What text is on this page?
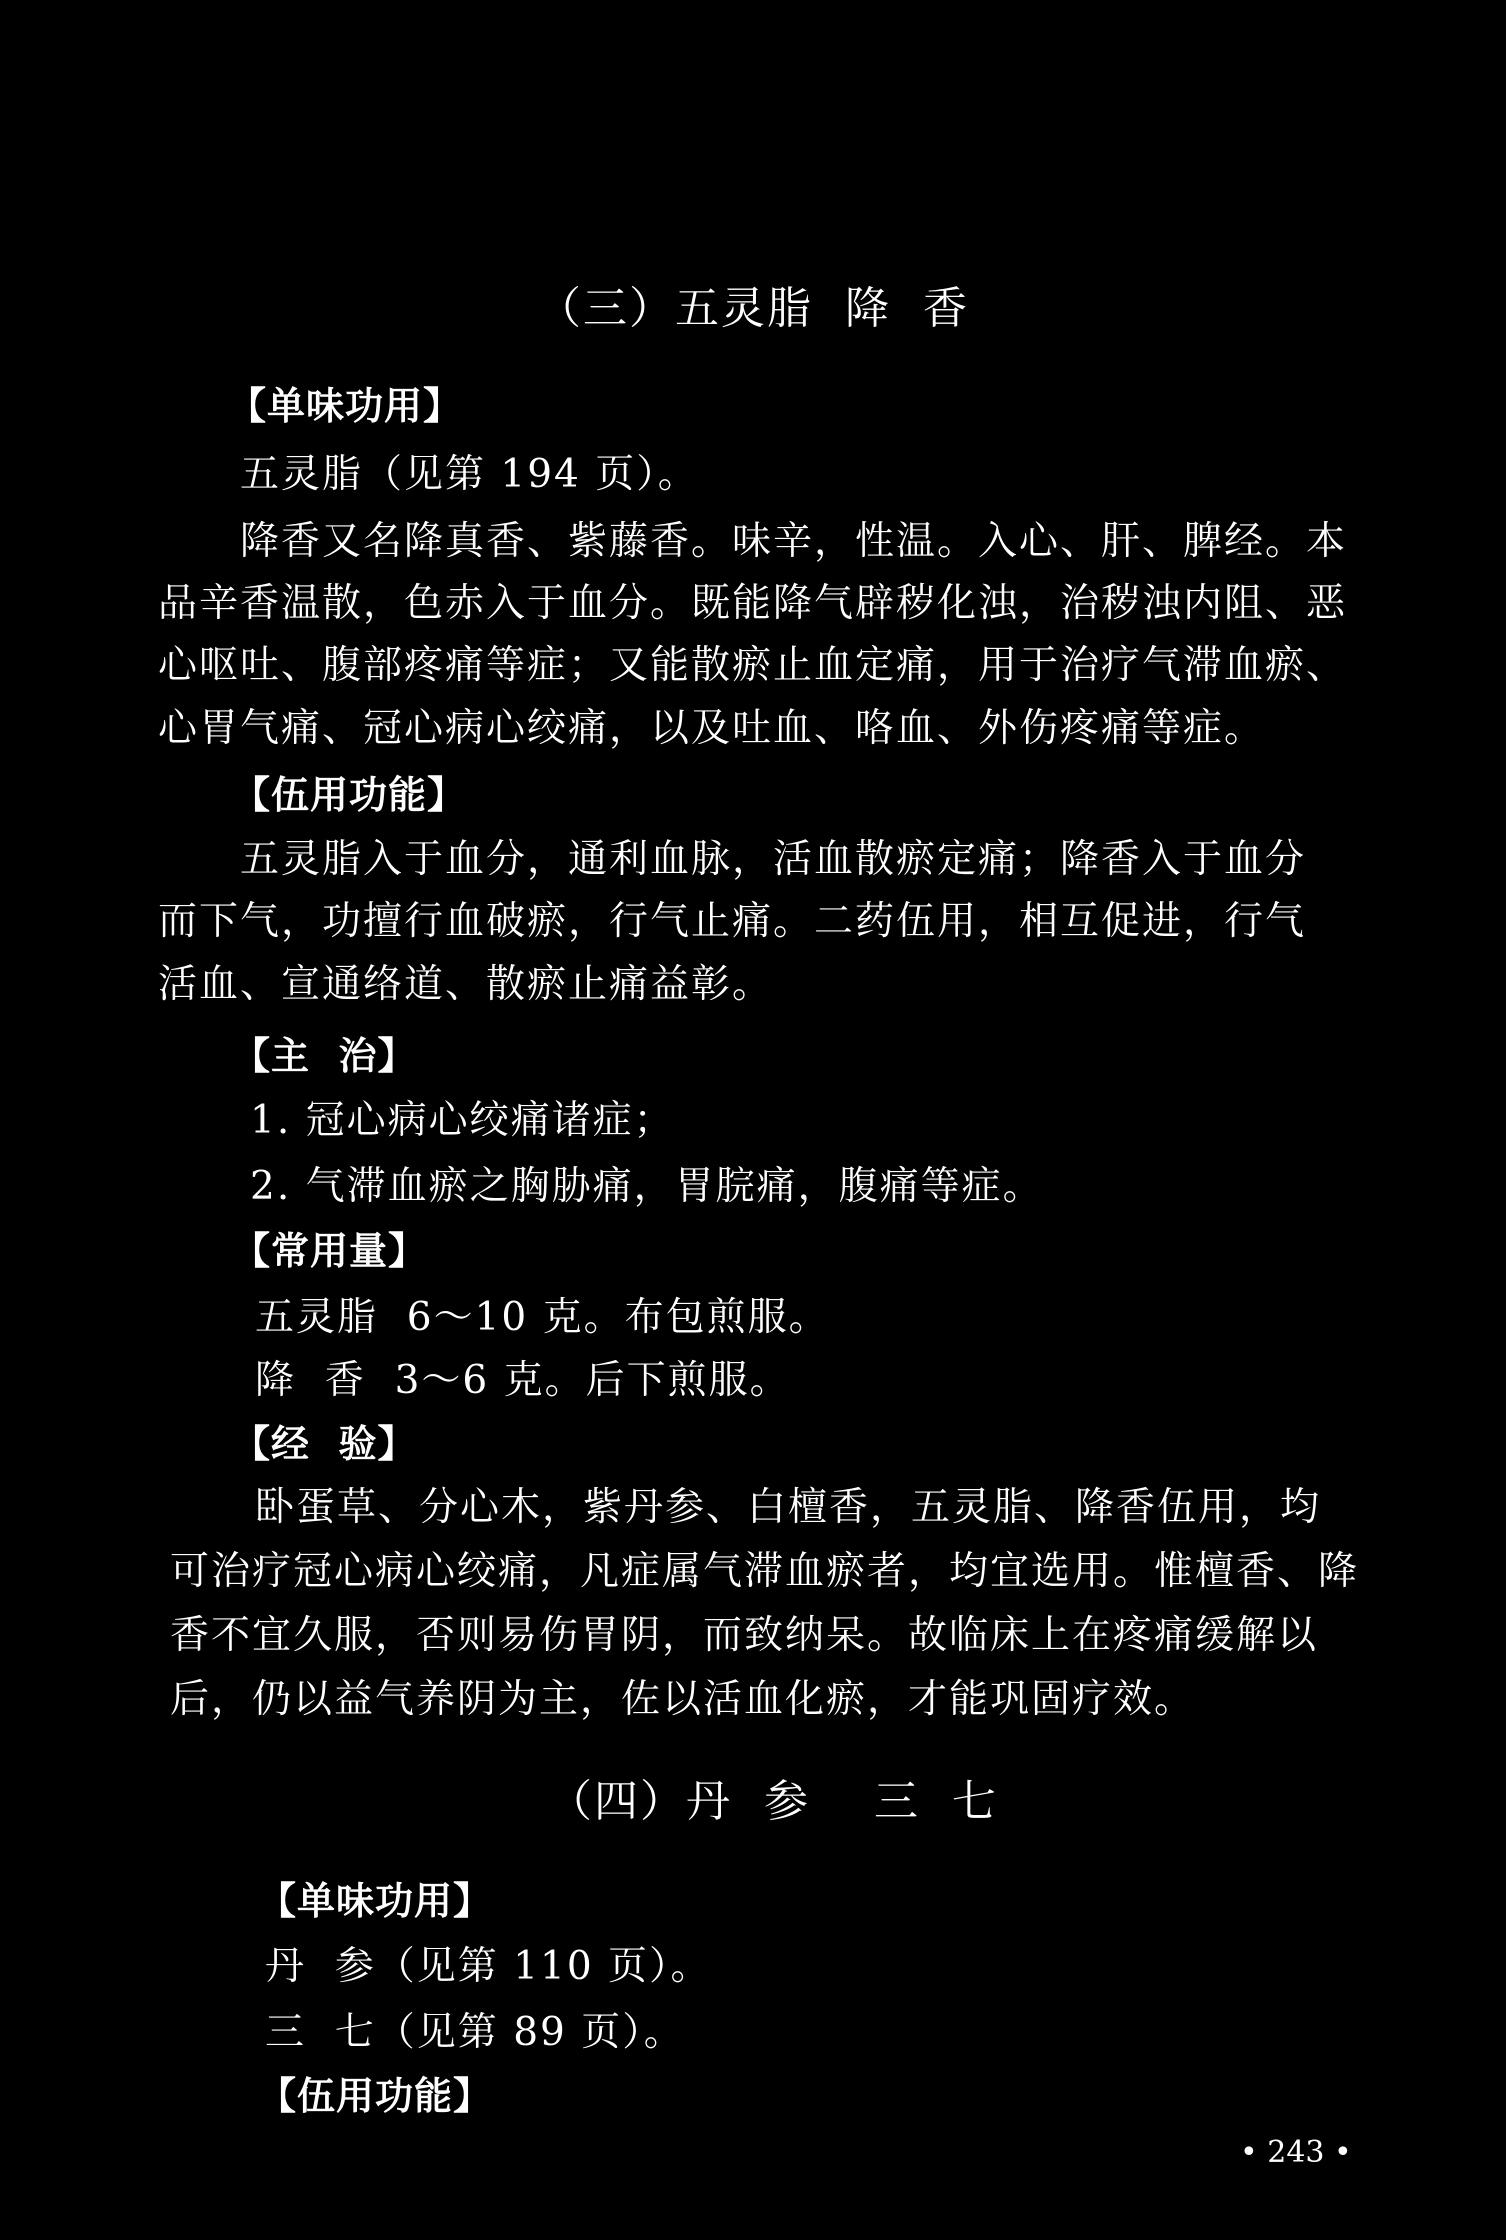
（三）五灵脂  降  香
【单味功用】
五灵脂（见第 194 页）。
降香又名降真香、紫藤香。味辛，性温。入心、肝、脾经。本
品辛香温散，色赤入于血分。既能降气辟秽化浊，治秽浊内阻、恶
心呕吐、腹部疼痛等症；又能散瘀止血定痛，用于治疗气滞血瘀、
心胃气痛、冠心病心绞痛，以及吐血、咯血、外伤疼痛等症。
【伍用功能】
五灵脂入于血分，通利血脉，活血散瘀定痛；降香入于血分
而下气，功擅行血破瘀，行气止痛。二药伍用，相互促进，行气
活血、宣通络道、散瘀止痛益彰。
【主  治】
1. 冠心病心绞痛诸症；
2. 气滞血瘀之胸胁痛，胃脘痛，腹痛等症。
【常用量】
五灵脂  6～10 克。布包煎服。
降  香  3～6 克。后下煎服。
【经  验】
卧蛋草、分心木，紫丹参、白檀香，五灵脂、降香伍用，均
可治疗冠心病心绞痛，凡症属气滞血瘀者，均宜选用。惟檀香、降
香不宜久服，否则易伤胃阴，而致纳呆。故临床上在疼痛缓解以
后，仍以益气养阴为主，佐以活血化瘀，才能巩固疗效。
（四）丹  参    三  七
【单味功用】
丹  参（见第 110 页）。
三  七（见第 89 页）。
【伍用功能】
• 243 •
